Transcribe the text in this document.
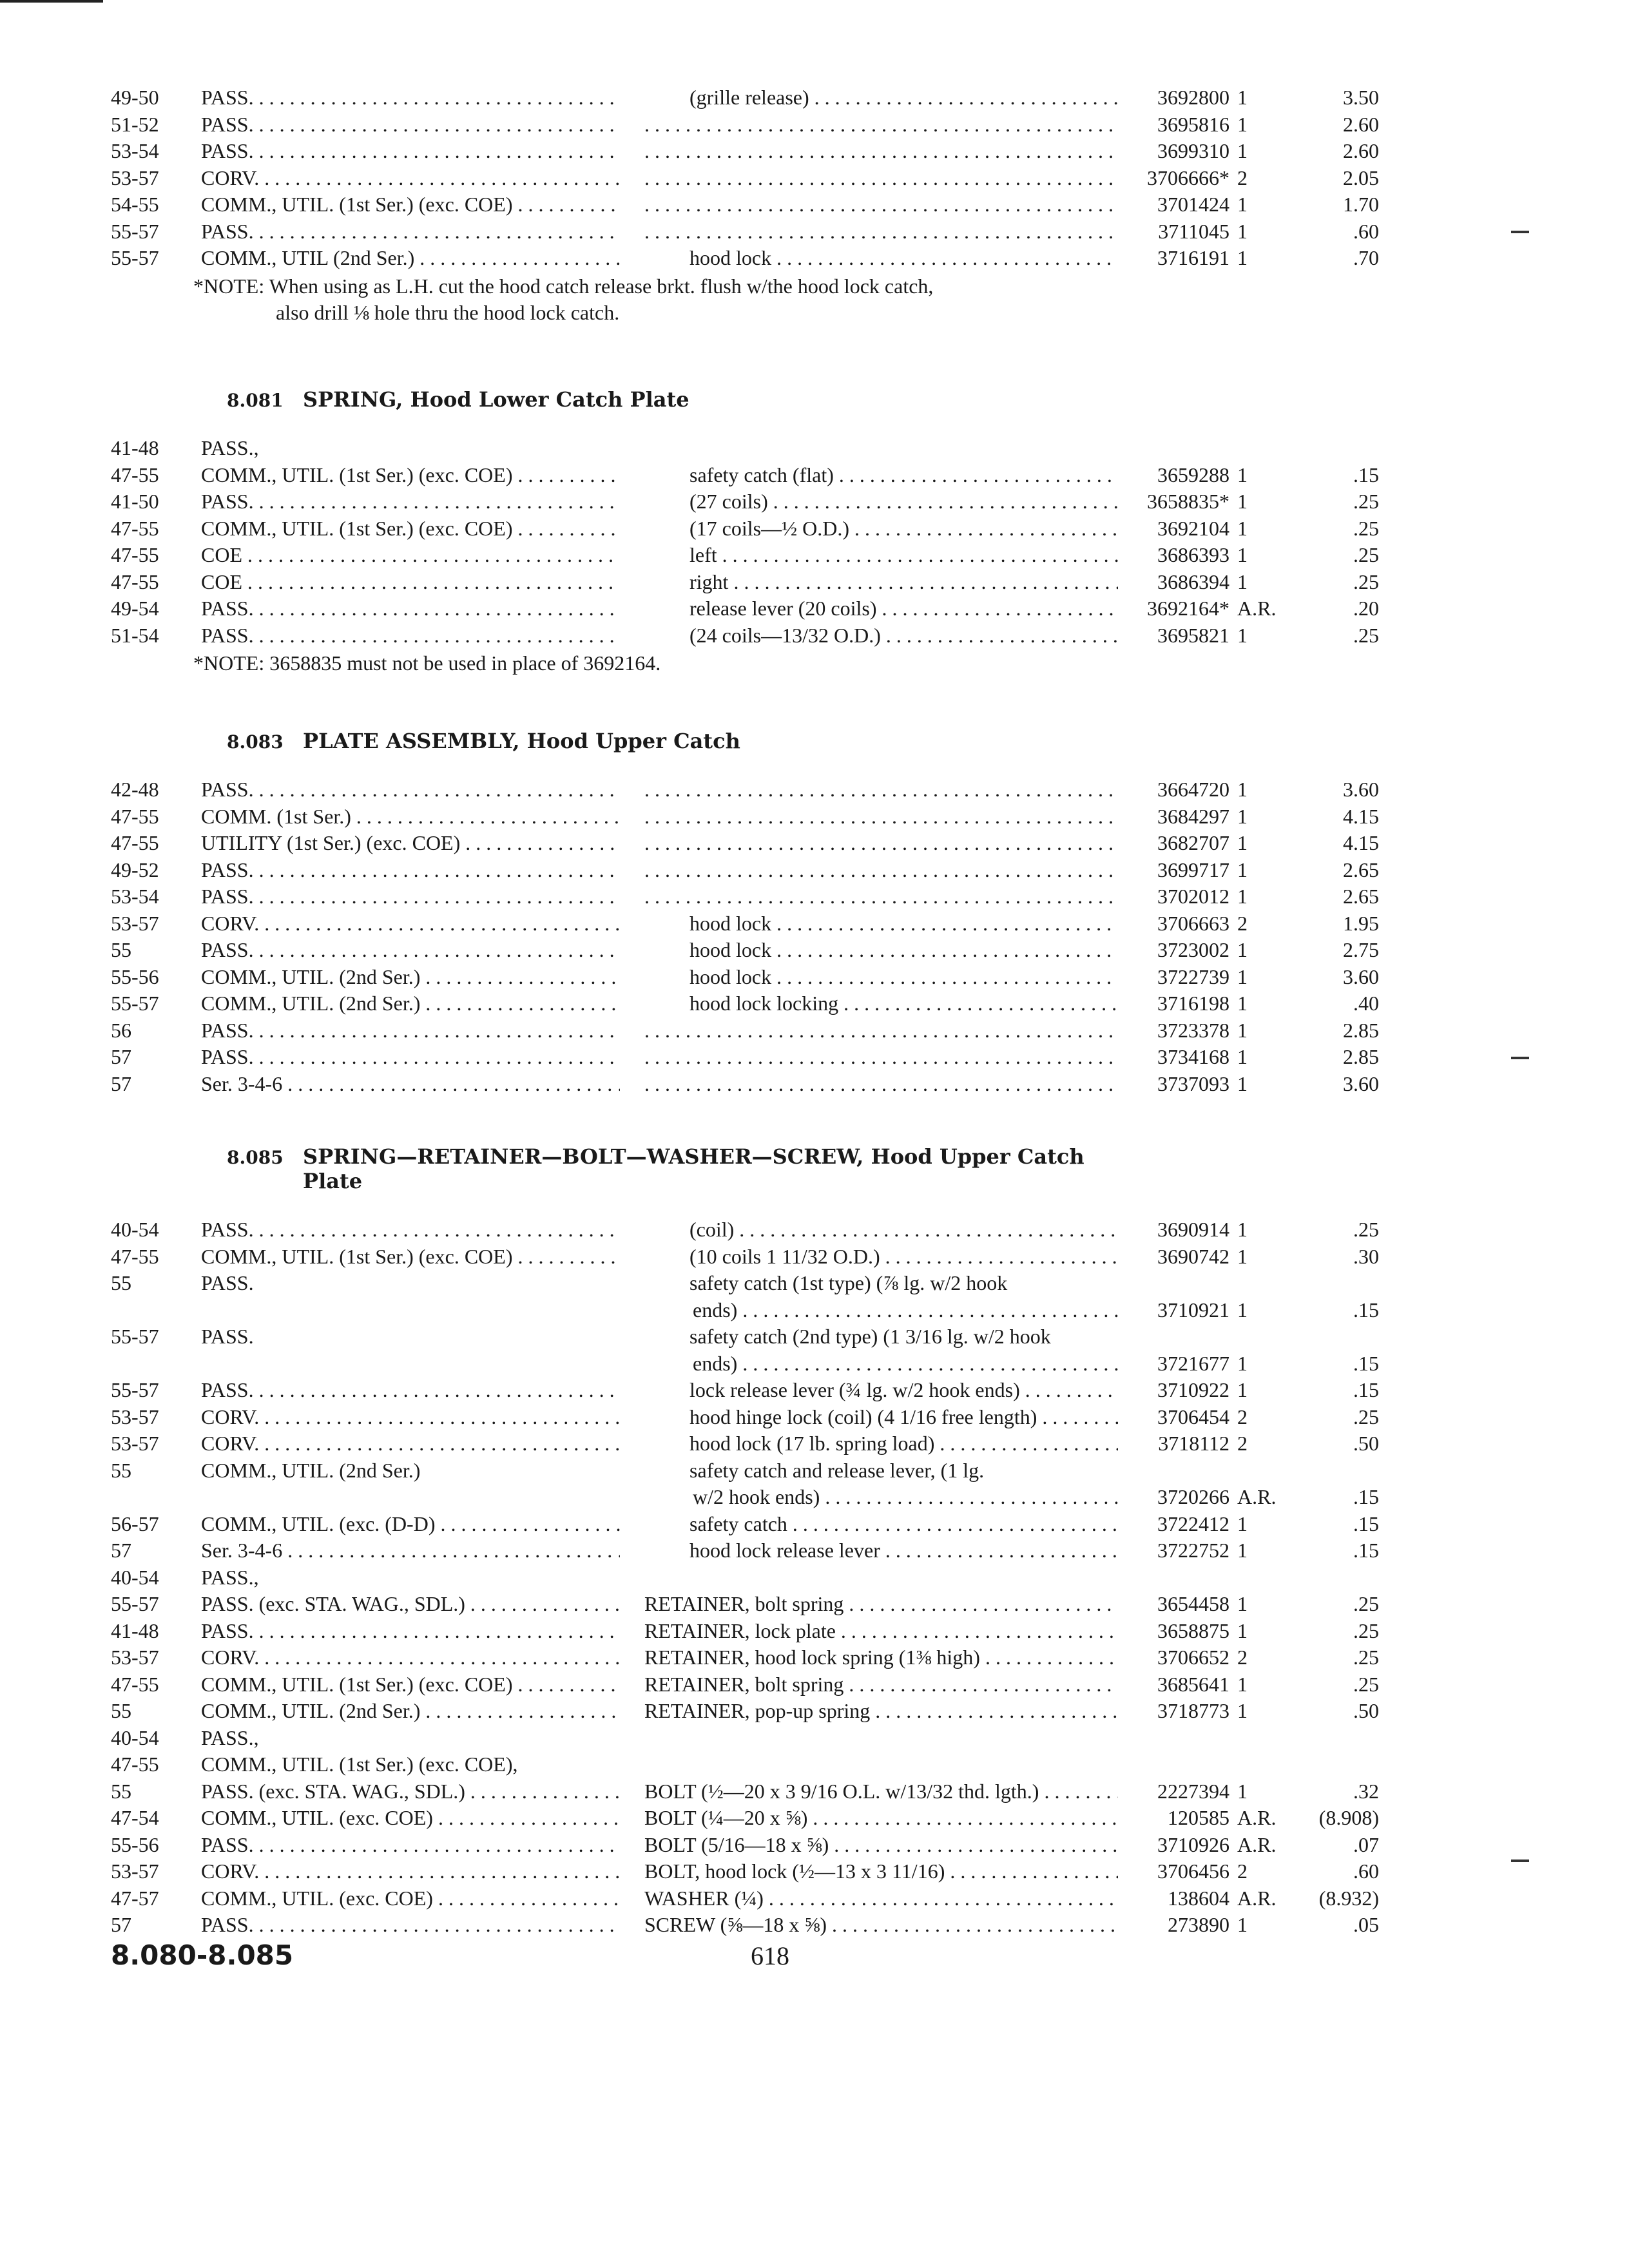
49-50	PASS. . . .	(grille release) . . .	3692800 1	3.50
51-52	PASS. . . . . . .	3695816 1	2.60
53-54	PASS. . . . . . .	3699310 1	2.60
53-57	CORV. . . . . . .	3706666* 2	2.05
54-55	COMM., UTIL. (1st Ser.) (exc. COE) . . . . . .	3701424 1	1.70
55-57	PASS. . . . . . .	3711045 1	.60
55-57	COMM., UTIL (2nd Ser.) . . .	hood lock . . .	3716191 1	.70
*NOTE: When using as L.H. cut the hood catch release brkt. flush w/the hood lock catch,
also drill ⅛ hole thru the hood lock catch.
8.081 SPRING, Hood Lower Catch Plate
41-48	PASS.,
47-55	COMM., UTIL. (1st Ser.) (exc. COE) . . .	safety catch (flat) . . .	3659288 1	.15
41-50	PASS. . . .	(27 coils) . . .	3658835* 1	.25
47-55	COMM., UTIL. (1st Ser.) (exc. COE) . . .	(17 coils—½ O.D.) . . .	3692104 1	.25
47-55	COE . . .	left . . .	3686393 1	.25
47-55	COE . . .	right . . .	3686394 1	.25
49-54	PASS. . . .	release lever (20 coils) . . .	3692164* A.R.	.20
51-54	PASS. . . .	(24 coils—13/32 O.D.) . . .	3695821 1	.25
*NOTE: 3658835 must not be used in place of 3692164.
8.083 PLATE ASSEMBLY, Hood Upper Catch
42-48	PASS. . . . . . .	3664720 1	3.60
47-55	COMM. (1st Ser.) . . . . . .	3684297 1	4.15
47-55	UTILITY (1st Ser.) (exc. COE) . . . . . .	3682707 1	4.15
49-52	PASS. . . . . . .	3699717 1	2.65
53-54	PASS. . . . . . .	3702012 1	2.65
53-57	CORV. . . .	hood lock . . .	3706663 2	1.95
55	PASS. . . .	hood lock . . .	3723002 1	2.75
55-56	COMM., UTIL. (2nd Ser.) . . .	hood lock . . .	3722739 1	3.60
55-57	COMM., UTIL. (2nd Ser.) . . .	hood lock locking . . .	3716198 1	.40
56	PASS. . . . . . .	3723378 1	2.85
57	PASS. . . . . . .	3734168 1	2.85
57	Ser. 3-4-6 . . . . . .	3737093 1	3.60
8.085 SPRING—RETAINER—BOLT—WASHER—SCREW, Hood Upper Catch
Plate
40-54	PASS. . . .	(coil) . . .	3690914 1	.25
47-55	COMM., UTIL. (1st Ser.) (exc. COE) . . .	(10 coils 1 11/32 O.D.) . . .	3690742 1	.30
55	PASS.	safety catch (1st type) (⅞ lg. w/2 hook
ends) . . .	3710921 1	.15
55-57	PASS.	safety catch (2nd type) (1 3/16 lg. w/2 hook
ends) . . .	3721677 1	.15
55-57	PASS. . . .	lock release lever (¾ lg. w/2 hook ends) . . .	3710922 1	.15
53-57	CORV. . . .	hood hinge lock (coil) (4 1/16 free length) . . .	3706454 2	.25
53-57	CORV. . . .	hood lock (17 lb. spring load) . . .	3718112 2	.50
55	COMM., UTIL. (2nd Ser.)	safety catch and release lever, (1 lg.
w/2 hook ends) . . .	3720266 A.R.	.15
56-57	COMM., UTIL. (exc. (D-D) . . .	safety catch . . .	3722412 1	.15
57	Ser. 3-4-6 . . .	hood lock release lever . . .	3722752 1	.15
40-54	PASS.,
55-57	PASS. (exc. STA. WAG., SDL.) . . .	RETAINER, bolt spring . . .	3654458 1	.25
41-48	PASS. . . .	RETAINER, lock plate . . .	3658875 1	.25
53-57	CORV. . . .	RETAINER, hood lock spring (1⅜ high) . . .	3706652 2	.25
47-55	COMM., UTIL. (1st Ser.) (exc. COE) . . .	RETAINER, bolt spring . . .	3685641 1	.25
55	COMM., UTIL. (2nd Ser.) . . .	RETAINER, pop-up spring . . .	3718773 1	.50
40-54	PASS.,
47-55	COMM., UTIL. (1st Ser.) (exc. COE),
55	PASS. (exc. STA. WAG., SDL.) . . .	BOLT (½—20 x 3 9/16 O.L. w/13/32 thd. lgth.) . . .	2227394 1	.32
47-54	COMM., UTIL. (exc. COE) . . .	BOLT (¼—20 x ⅝) . . .	120585 A.R.	(8.908)
55-56	PASS. . . .	BOLT (5/16—18 x ⅝) . . .	3710926 A.R.	.07
53-57	CORV. . . .	BOLT, hood lock (½—13 x 3 11/16) . . .	3706456 2	.60
47-57	COMM., UTIL. (exc. COE) . . .	WASHER (¼) . . .	138604 A.R.	(8.932)
57	PASS. . . .	SCREW (⅝—18 x ⅝) . . .	273890 1	.05
8.080-8.085	618
